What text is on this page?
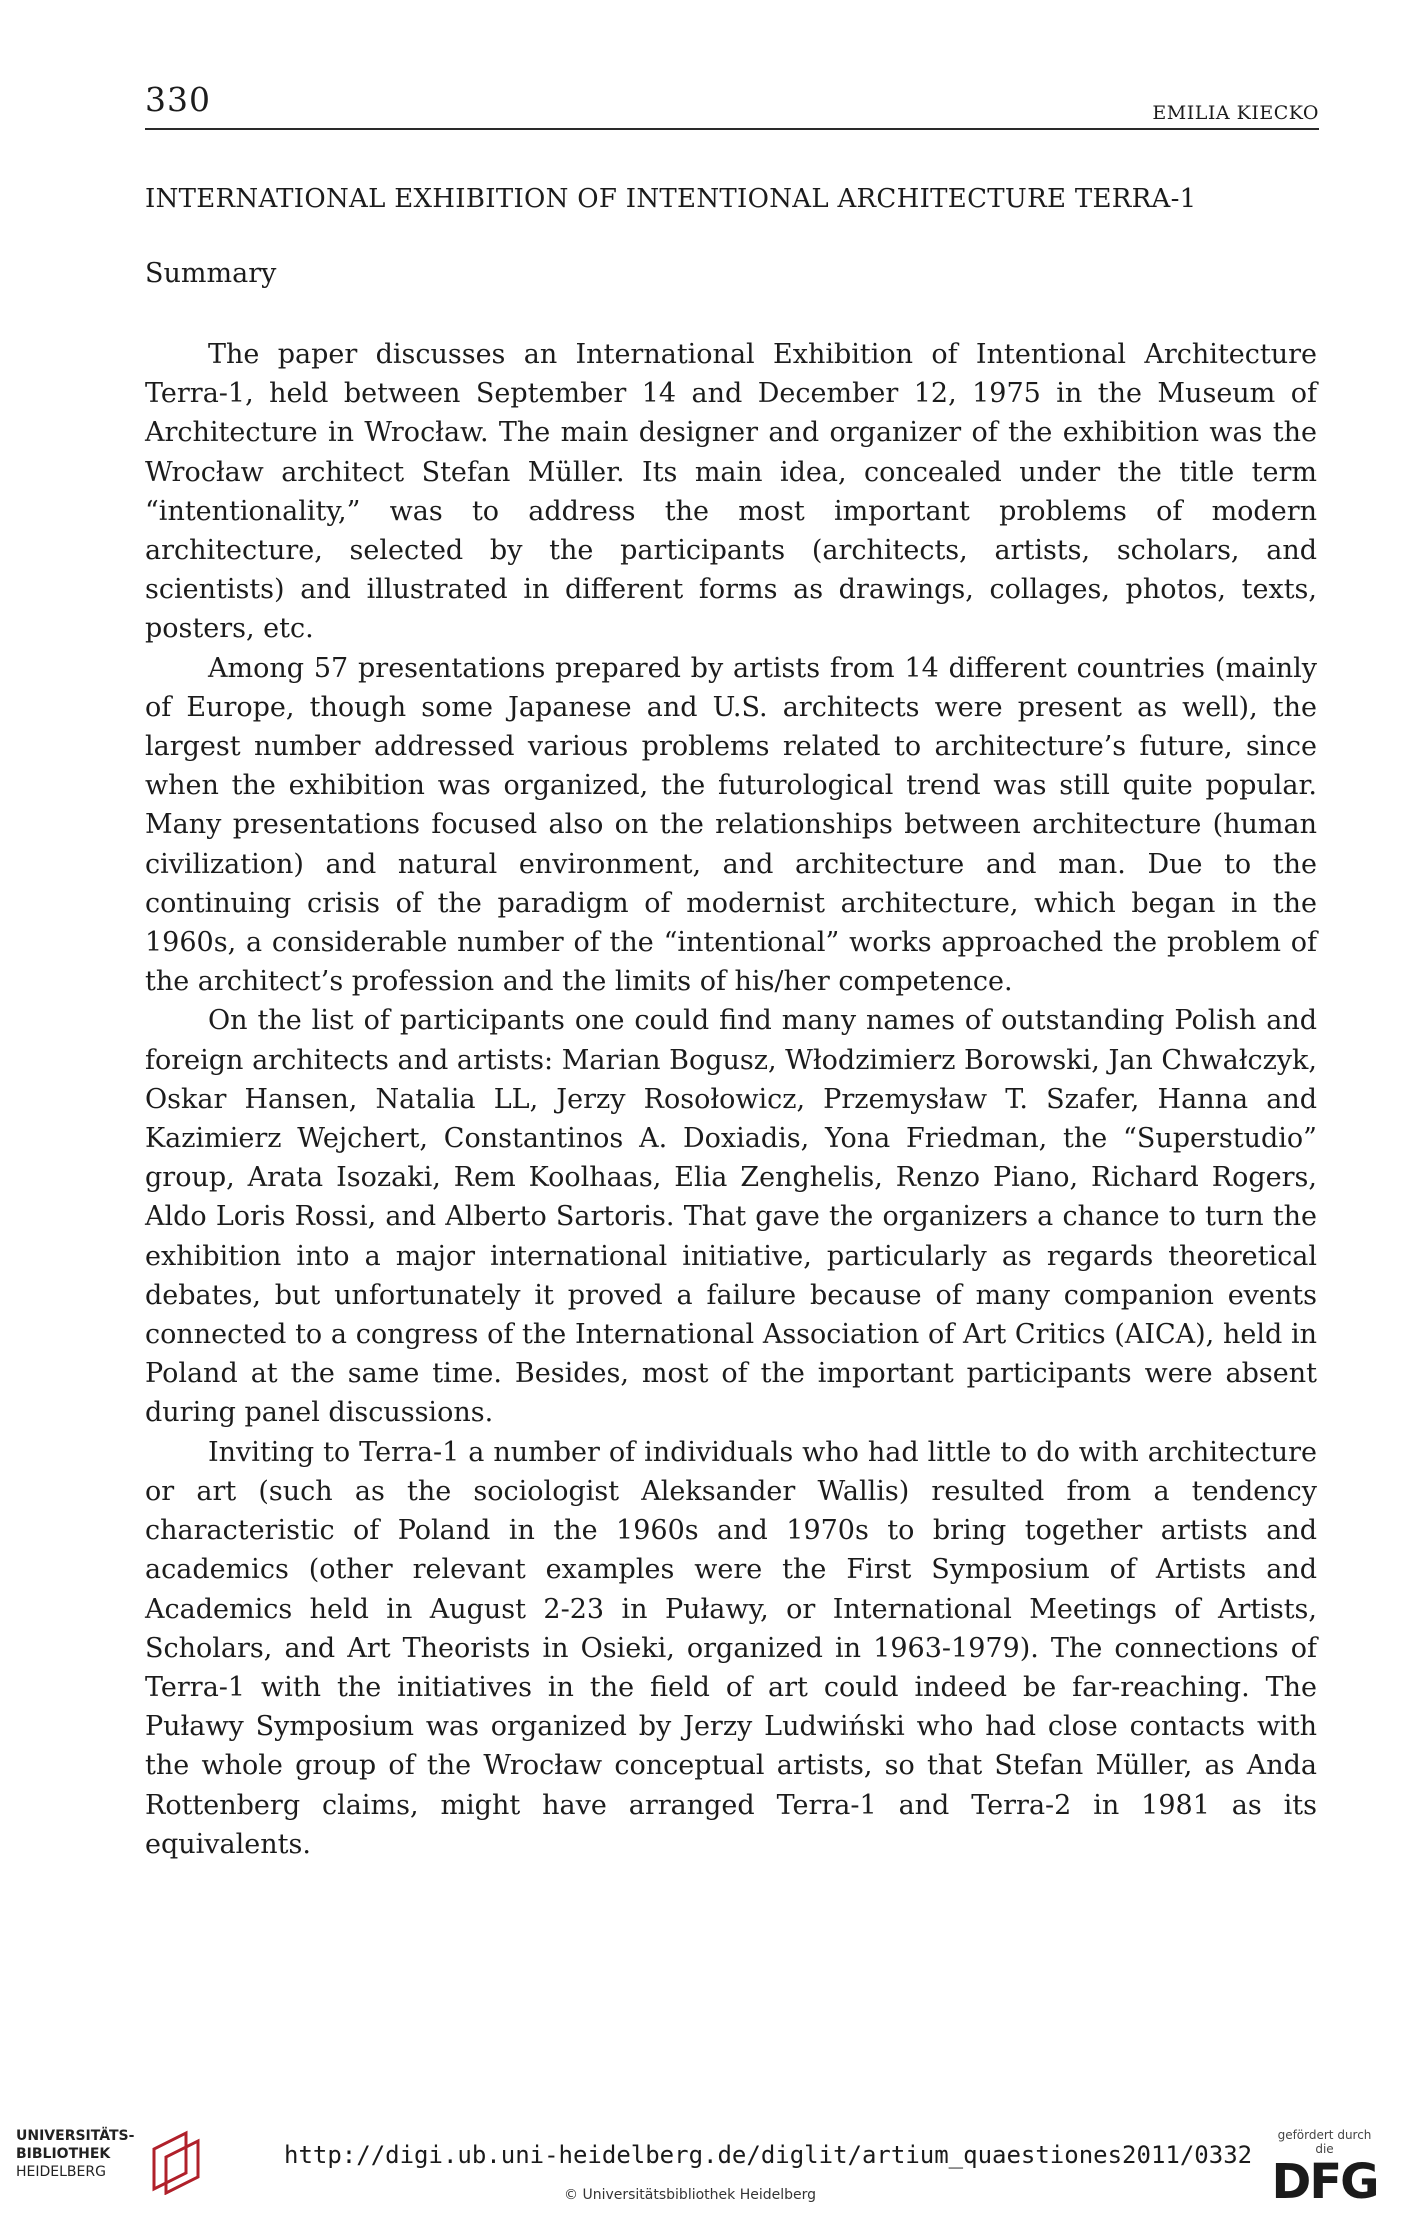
330	EMILIA KIECKO
INTERNATIONAL EXHIBITION OF INTENTIONAL ARCHITECTURE TERRA-1
Summary

The paper discusses an International Exhibition of Intentional Architecture Terra-1, held between September 14 and December 12, 1975 in the Museum of Architecture in Wrocław. The main designer and organizer of the exhibition was the Wrocław architect Stefan Müller. Its main idea, concealed under the title term “intentionality,” was to address the most important problems of modern architecture, selected by the participants (architects, artists, scholars, and scientists) and illustrated in different forms as drawings, collages, photos, texts, posters, etc.

Among 57 presentations prepared by artists from 14 different countries (mainly of Europe, though some Japanese and U.S. architects were present as well), the largest number addressed various problems related to architecture’s future, since when the exhibition was organized, the futurological trend was still quite popular. Many presentations focused also on the relationships between architecture (human civilization) and natural environment, and architecture and man. Due to the continuing crisis of the paradigm of modernist architecture, which began in the 1960s, a considerable number of the “intentional” works approached the problem of the architect’s profession and the limits of his/her competence.

On the list of participants one could find many names of outstanding Polish and foreign architects and artists: Marian Bogusz, Włodzimierz Borowski, Jan Chwałczyk, Oskar Hansen, Natalia LL, Jerzy Rosołowicz, Przemysław T. Szafer, Hanna and Kazimierz Wejchert, Constantinos A. Doxiadis, Yona Friedman, the “Superstudio” group, Arata Isozaki, Rem Koolhaas, Elia Zenghelis, Renzo Piano, Richard Rogers, Aldo Loris Rossi, and Alberto Sartoris. That gave the organizers a chance to turn the exhibition into a major international initiative, particularly as regards theoretical debates, but unfortunately it proved a failure because of many companion events connected to a congress of the International Association of Art Critics (AICA), held in Poland at the same time. Besides, most of the important participants were absent during panel discussions.

Inviting to Terra-1 a number of individuals who had little to do with architecture or art (such as the sociologist Aleksander Wallis) resulted from a tendency characteristic of Poland in the 1960s and 1970s to bring together artists and academics (other relevant examples were the First Symposium of Artists and Academics held in August 2-23 in Puławy, or International Meetings of Artists, Scholars, and Art Theorists in Osieki, organized in 1963-1979). The connections of Terra-1 with the initiatives in the field of art could indeed be far-reaching. The Puławy Symposium was organized by Jerzy Ludwiński who had close contacts with the whole group of the Wrocław conceptual artists, so that Stefan Müller, as Anda Rottenberg claims, might have arranged Terra-1 and Terra-2 in 1981 as its equivalents.

UNIVERSITÄTS-
BIBLIOTHEK
HEIDELBERG
http://digi.ub.uni-heidelberg.de/diglit/artium_quaestiones2011/0332
© Universitätsbibliothek Heidelberg
gefördert durch die
DFG
